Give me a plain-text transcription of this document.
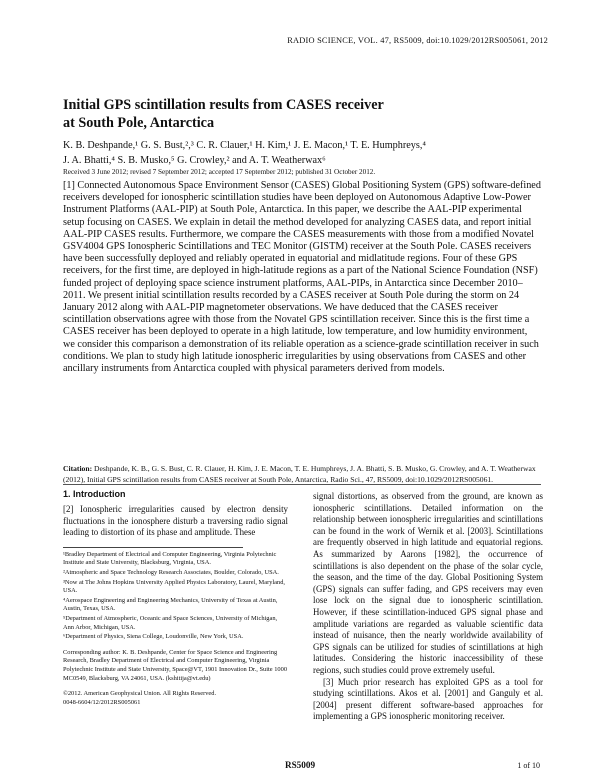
RADIO SCIENCE, VOL. 47, RS5009, doi:10.1029/2012RS005061, 2012
Initial GPS scintillation results from CASES receiver
at South Pole, Antarctica
K. B. Deshpande,¹ G. S. Bust,²,³ C. R. Clauer,¹ H. Kim,¹ J. E. Macon,¹ T. E. Humphreys,⁴
J. A. Bhatti,⁴ S. B. Musko,⁵ G. Crowley,² and A. T. Weatherwax⁶
Received 3 June 2012; revised 7 September 2012; accepted 17 September 2012; published 31 October 2012.
[1] Connected Autonomous Space Environment Sensor (CASES) Global Positioning System (GPS) software-defined receivers developed for ionospheric scintillation studies have been deployed on Autonomous Adaptive Low-Power Instrument Platforms (AAL-PIP) at South Pole, Antarctica. In this paper, we describe the AAL-PIP experimental setup focusing on CASES. We explain in detail the method developed for analyzing CASES data, and report initial AAL-PIP CASES results. Furthermore, we compare the CASES measurements with those from a modified Novatel GSV4004 GPS Ionospheric Scintillations and TEC Monitor (GISTM) receiver at the South Pole. CASES receivers have been successfully deployed and reliably operated in equatorial and midlatitude regions. Four of these GPS receivers, for the first time, are deployed in high-latitude regions as a part of the National Science Foundation (NSF) funded project of deploying space science instrument platforms, AAL-PIPs, in Antarctica since December 2010–2011. We present initial scintillation results recorded by a CASES receiver at South Pole during the storm on 24 January 2012 along with AAL-PIP magnetometer observations. We have deduced that the CASES receiver scintillation observations agree with those from the Novatel GPS scintillation receiver. Since this is the first time a CASES receiver has been deployed to operate in a high latitude, low temperature, and low humidity environment, we consider this comparison a demonstration of its reliable operation as a science-grade scintillation receiver in such conditions. We plan to study high latitude ionospheric irregularities by using observations from CASES and other ancillary instruments from Antarctica coupled with physical parameters derived from models.
Citation: Deshpande, K. B., G. S. Bust, C. R. Clauer, H. Kim, J. E. Macon, T. E. Humphreys, J. A. Bhatti, S. B. Musko, G. Crowley, and A. T. Weatherwax (2012), Initial GPS scintillation results from CASES receiver at South Pole, Antarctica, Radio Sci., 47, RS5009, doi:10.1029/2012RS005061.
1. Introduction

[2] Ionospheric irregularities caused by electron density fluctuations in the ionosphere disturb a traversing radio signal leading to distortion of its phase and amplitude. These

¹Bradley Department of Electrical and Computer Engineering, Virginia Polytechnic Institute and State University, Blacksburg, Virginia, USA.

²Atmospheric and Space Technology Research Associates, Boulder, Colorado, USA.

³Now at The Johns Hopkins University Applied Physics Laboratory, Laurel, Maryland, USA.

⁴Aerospace Engineering and Engineering Mechanics, University of Texas at Austin, Austin, Texas, USA.

⁵Department of Atmospheric, Oceanic and Space Sciences, University of Michigan, Ann Arbor, Michigan, USA.

⁶Department of Physics, Siena College, Loudonville, New York, USA.

Corresponding author: K. B. Deshpande, Center for Space Science and Engineering Research, Bradley Department of Electrical and Computer Engineering, Virginia Polytechnic Institute and State University, Space@VT, 1901 Innovation Dr., Suite 1000 MC0549, Blacksburg, VA 24061, USA. (kshitija@vt.edu)

©2012. American Geophysical Union. All Rights Reserved.
0048-6604/12/2012RS005061

signal distortions, as observed from the ground, are known as ionospheric scintillations. Detailed information on the relationship between ionospheric irregularities and scintillations can be found in the work of Wernik et al. [2003]. Scintillations are frequently observed in high latitude and equatorial regions. As summarized by Aarons [1982], the occurrence of scintillations is also dependent on the phase of the solar cycle, the season, and the time of the day. Global Positioning System (GPS) signals can suffer fading, and GPS receivers may even lose lock on the signal due to ionospheric scintillation. However, if these scintillation-induced GPS signal phase and amplitude variations are regarded as valuable scientific data instead of nuisance, then the nearly worldwide availability of GPS signals can be utilized for studies of scintillations at high latitudes. Considering the historic inaccessibility of these regions, such studies could prove extremely useful.

[3] Much prior research has exploited GPS as a tool for studying scintillations. Akos et al. [2001] and Ganguly et al. [2004] present different software-based approaches for implementing a GPS ionospheric monitoring receiver.

RS5009	1 of 10
